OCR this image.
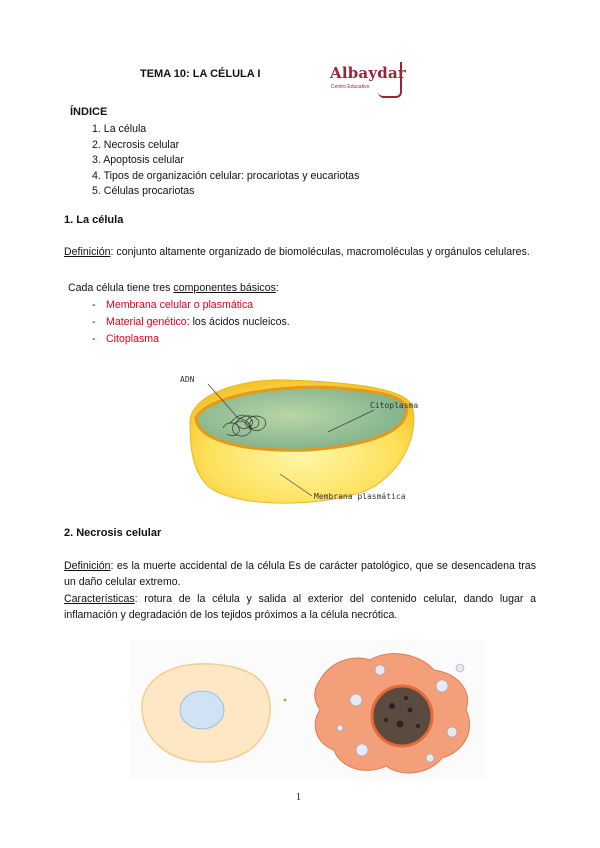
TEMA 10: LA CÉLULA I	Albaydar
Centro Educativo
ÍNDICE
1. La célula
2. Necrosis celular
3. Apoptosis celular
4. Tipos de organización celular: procariotas y eucariotas
5. Células procariotas
1. La célula
Definición: conjunto altamente organizado de biomoléculas, macromoléculas y orgánulos celulares.
Cada célula tiene tres componentes básicos:
- Membrana celular o plasmática
- Material genético: los ácidos nucleicos.
- Citoplasma
ADN
Citoplasma
Membrana plasmática
2. Necrosis celular
Definición: es la muerte accidental de la célula Es de carácter patológico, que se desencadena tras un daño celular extremo.
Características: rotura de la célula y salida al exterior del contenido celular, dando lugar a inflamación y degradación de los tejidos próximos a la célula necrótica.
1
